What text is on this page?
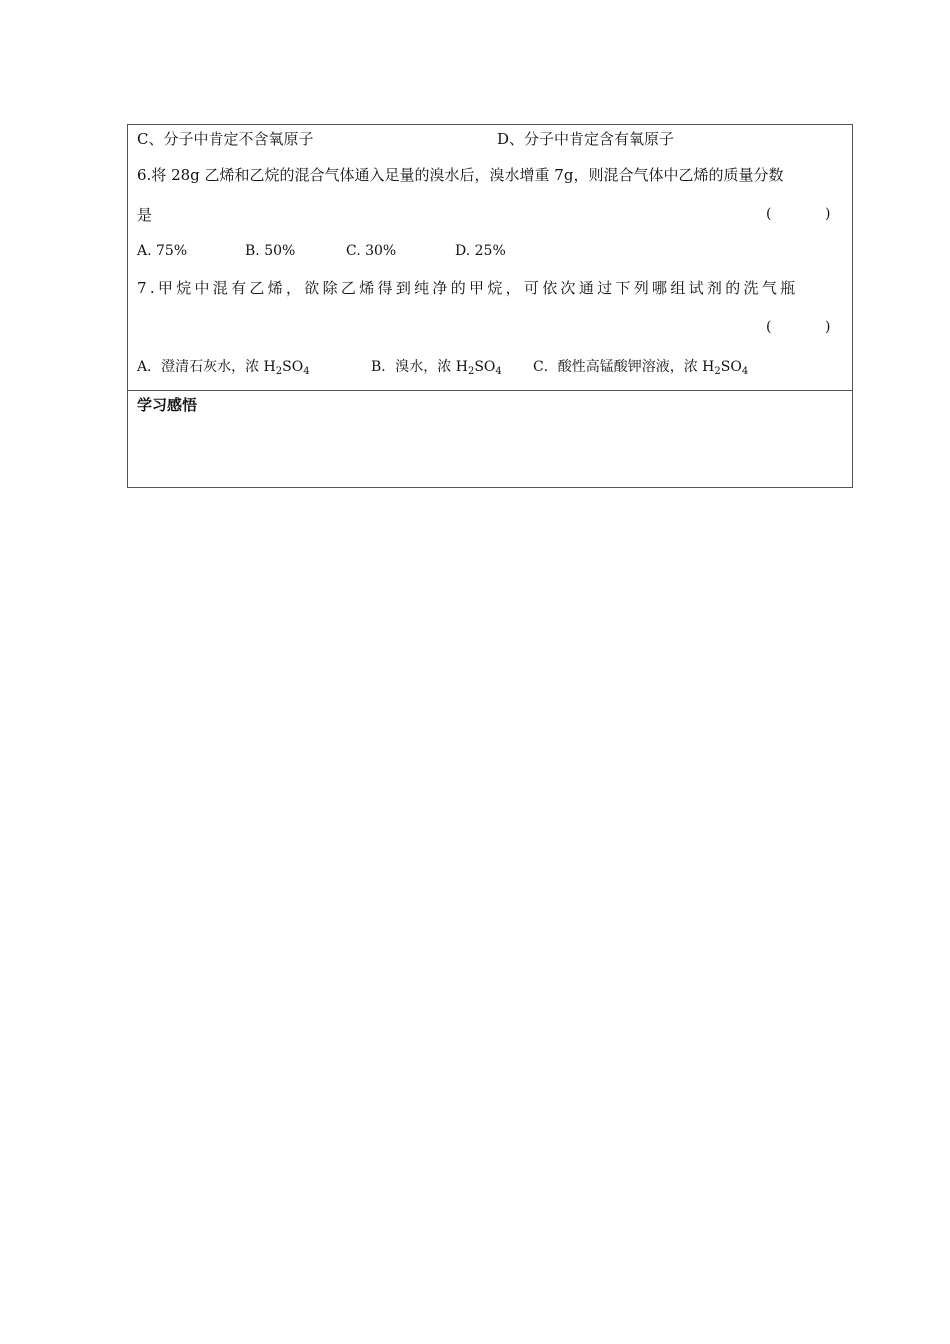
C、分子中肯定不含氧原子	D、分子中肯定含有氧原子
6.将 28g 乙烯和乙烷的混合气体通入足量的溴水后，溴水增重 7g，则混合气体中乙烯的质量分数
是	(	)
A. 75%	B. 50%	C. 30%	D. 25%
7.甲烷中混有乙烯，欲除乙烯得到纯净的甲烷，可依次通过下列哪组试剂的洗气瓶
(	)
A．澄清石灰水，浓 $H_2SO_4$	B．溴水，浓 $H_2SO_4$ C．酸性高锰酸钾溶液，浓 $H_2SO_4$
学习感悟
